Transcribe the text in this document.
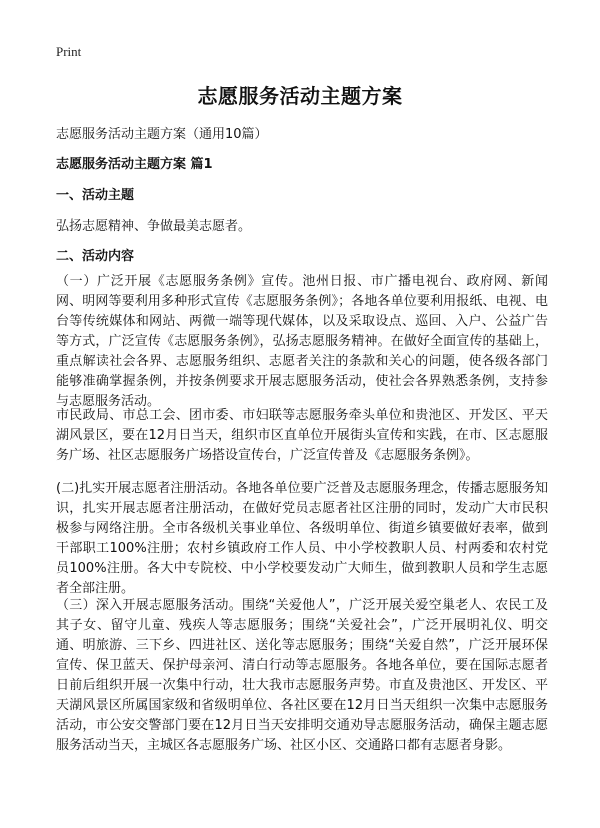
Print
志愿服务活动主题方案
志愿服务活动主题方案（通用10篇）
志愿服务活动主题方案 篇1
一、活动主题
弘扬志愿精神、争做最美志愿者。
二、活动内容

（一）广泛开展《志愿服务条例》宣传。池州日报、市广播电视台、政府网、新闻网、明网等要利用多种形式宣传《志愿服务条例》；各地各单位要利用报纸、电视、电台等传统媒体和网站、两微一端等现代媒体，以及采取设点、巡回、入户、公益广告等方式，广泛宣传《志愿服务条例》，弘扬志愿服务精神。在做好全面宣传的基础上，重点解读社会各界、志愿服务组织、志愿者关注的条款和关心的问题，使各级各部门能够准确掌握条例，并按条例要求开展志愿服务活动，使社会各界熟悉条例，支持参与志愿服务活动。

市民政局、市总工会、团市委、市妇联等志愿服务牵头单位和贵池区、开发区、平天湖风景区，要在12月日当天，组织市区直单位开展街头宣传和实践，在市、区志愿服务广场、社区志愿服务广场搭设宣传台，广泛宣传普及《志愿服务条例》。

(二)扎实开展志愿者注册活动。各地各单位要广泛普及志愿服务理念，传播志愿服务知识，扎实开展志愿者注册活动，在做好党员志愿者社区注册的同时，发动广大市民积极参与网络注册。全市各级机关事业单位、各级明单位、街道乡镇要做好表率，做到干部职工100%注册；农村乡镇政府工作人员、中小学校教职人员、村两委和农村党员100%注册。各大中专院校、中小学校要发动广大师生，做到教职人员和学生志愿者全部注册。

（三）深入开展志愿服务活动。围绕“关爱他人”，广泛开展关爱空巢老人、农民工及其子女、留守儿童、残疾人等志愿服务；围绕“关爱社会”，广泛开展明礼仪、明交通、明旅游、三下乡、四进社区、送化等志愿服务；围绕“关爱自然”，广泛开展环保宣传、保卫蓝天、保护母亲河、清白行动等志愿服务。各地各单位，要在国际志愿者日前后组织开展一次集中行动，壮大我市志愿服务声势。市直及贵池区、开发区、平天湖风景区所属国家级和省级明单位、各社区要在12月日当天组织一次集中志愿服务活动，市公安交警部门要在12月日当天安排明交通劝导志愿服务活动，确保主题志愿服务活动当天，主城区各志愿服务广场、社区小区、交通路口都有志愿者身影。
